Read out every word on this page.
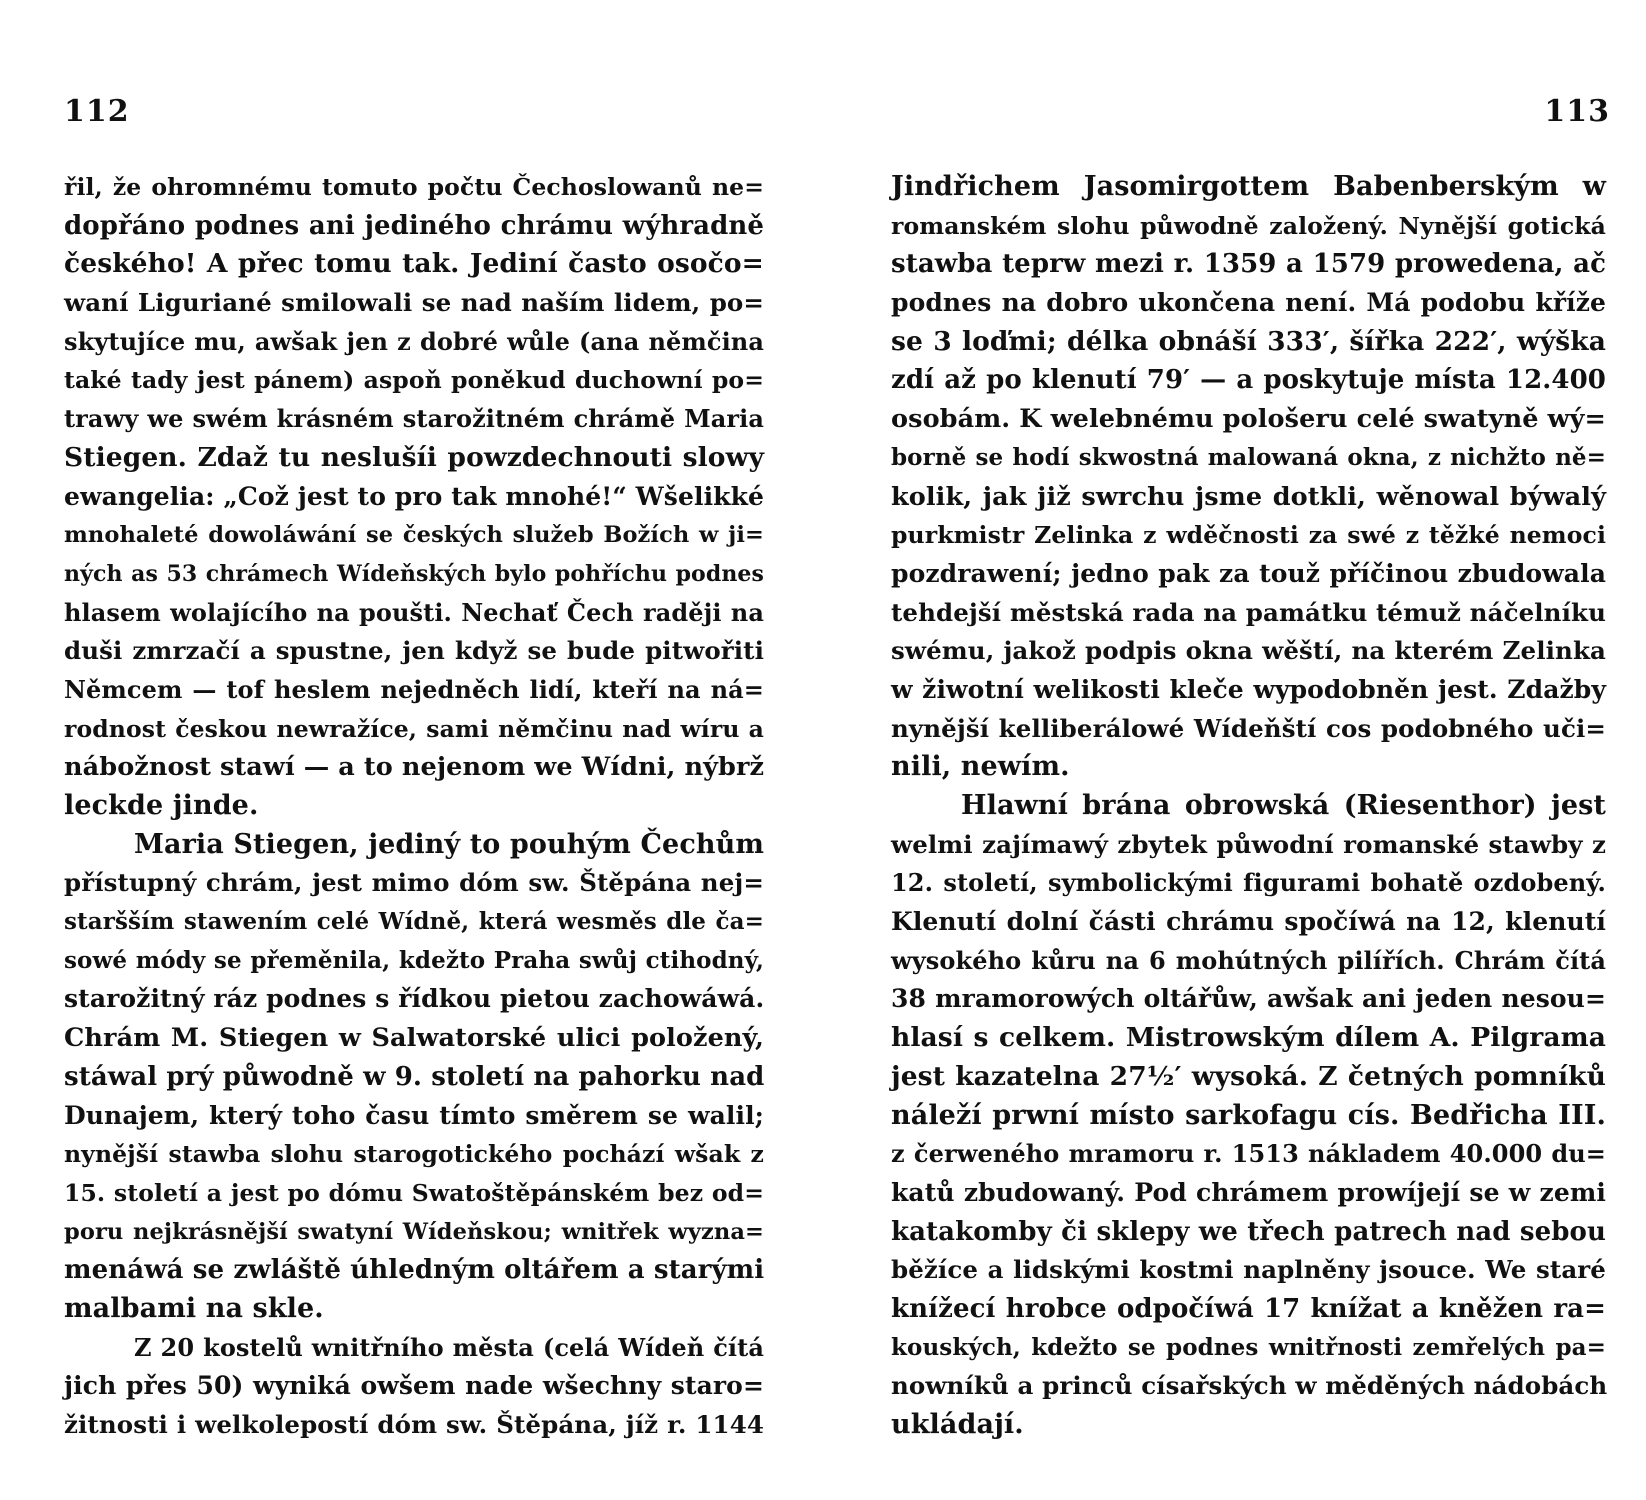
112
řil, že ohromnému tomuto počtu Čechoslowanů ne=
dopřáno podnes ani jediného chrámu wýhradně
českého! A přec tomu tak. Jediní často osočo=
waní Liguriané smilowali se nad naším lidem, po=
skytujíce mu, awšak jen z dobré wůle (ana němčina
také tady jest pánem) aspoň poněkud duchowní po=
trawy we swém krásném starožitném chrámě Maria
Stiegen. Zdaž tu neslušíi powzdechnouti slowy
ewangelia: „Což jest to pro tak mnohé!“ Wšelikké
mnohaleté dowoláwání se českých služeb Božích w ji=
ných as 53 chrámech Wídeňských bylo pohříchu podnes
hlasem wolajícího na poušti. Nechať Čech raději na
duši zmrzačí a spustne, jen když se bude pitwořiti
Němcem — tof heslem nejedněch lidí, kteří na ná=
rodnost českou newražíce, sami němčinu nad wíru a
nábožnost stawí — a to nejenom we Wídni, nýbrž
leckde jinde.
Maria Stiegen, jediný to pouhým Čechům
přístupný chrám, jest mimo dóm sw. Štěpána nej=
staršším stawením celé Wídně, která wesměs dle ča=
sowé módy se přeměnila, kdežto Praha swůj ctihodný,
starožitný ráz podnes s řídkou pietou zachowáwá.
Chrám M. Stiegen w Salwatorské ulici položený,
stáwal prý půwodně w 9. století na pahorku nad
Dunajem, který toho času tímto směrem se walil;
nynější stawba slohu starogotického pochází wšak z
15. století a jest po dómu Swatoštěpánském bez od=
poru nejkrásnější swatyní Wídeňskou; wnitřek wyzna=
menáwá se zwláště úhledným oltářem a starými
malbami na skle.
Z 20 kostelů wnitřního města (celá Wídeň čítá
jich přes 50) wyniká owšem nade wšechny staro=
žitnosti i welkolepostí dóm sw. Štěpána, jíž r. 1144
113
Jindřichem Jasomirgottem Babenberským w
romanském slohu půwodně založený. Nynější gotická
stawba teprw mezi r. 1359 a 1579 prowedena, ač
podnes na dobro ukončena není. Má podobu kříže
se 3 loďmi; délka obnáší 333′, šířka 222′, wýška
zdí až po klenutí 79′ — a poskytuje místa 12.400
osobám. K welebnému pološeru celé swatyně wý=
borně se hodí skwostná malowaná okna, z nichžto ně=
kolik, jak již swrchu jsme dotkli, wěnowal býwalý
purkmistr Zelinka z wděčnosti za swé z těžké nemoci
pozdrawení; jedno pak za touž příčinou zbudowala
tehdejší městská rada na památku témuž náčelníku
swému, jakož podpis okna wěští, na kterém Zelinka
w žiwotní welikosti kleče wypodobněn jest. Zdažby
nynější kelliberálowé Wídeňští cos podobného uči=
nili, newím.
Hlawní brána obrowská (Riesenthor) jest
welmi zajímawý zbytek půwodní romanské stawby z
12. století, symbolickými figurami bohatě ozdobený.
Klenutí dolní části chrámu spočíwá na 12, klenutí
wysokého kůru na 6 mohútných pilířích. Chrám čítá
38 mramorowých oltářůw, awšak ani jeden nesou=
hlasí s celkem. Mistrowským dílem A. Pilgrama
jest kazatelna 27½′ wysoká. Z četných pomníků
náleží prwní místo sarkofagu cís. Bedřicha III.
z čerweného mramoru r. 1513 nákladem 40.000 du=
katů zbudowaný. Pod chrámem prowíjejí se w zemi
katakomby či sklepy we třech patrech nad sebou
běžíce a lidskými kostmi naplněny jsouce. We staré
knížecí hrobce odpočíwá 17 knížat a kněžen ra=
kouských, kdežto se podnes wnitřnosti zemřelých pa=
nowníků a princů císařských w měděných nádobách
ukládají.
